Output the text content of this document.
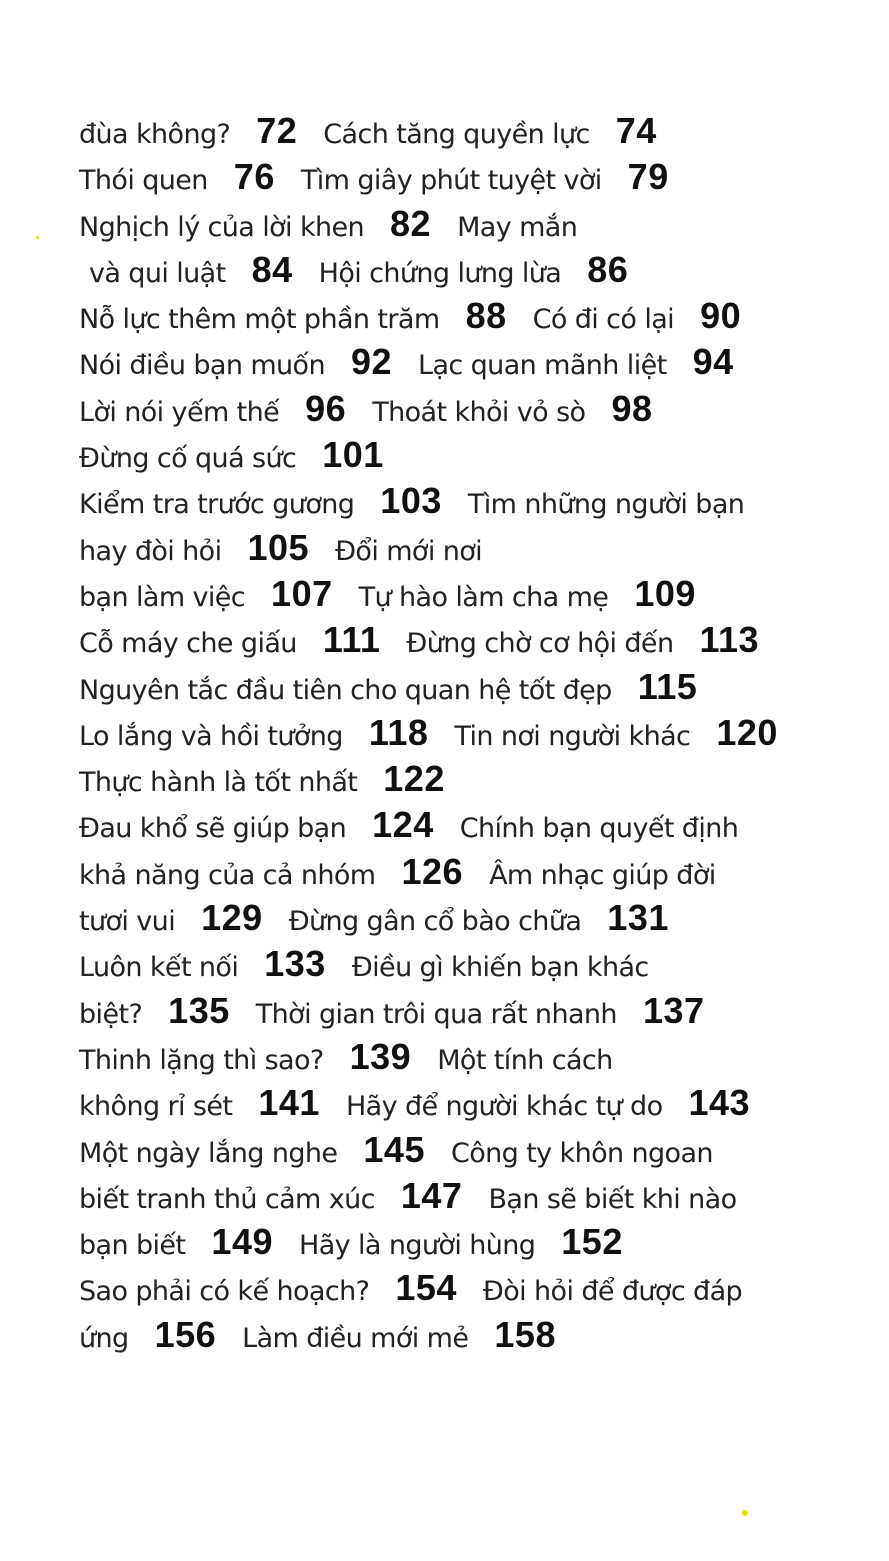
đùa không? 72 Cách tăng quyền lực 74
Thói quen 76 Tìm giây phút tuyệt vời 79
Nghịch lý của lời khen 82 May mắn
và qui luật 84 Hội chứng lưng lừa 86
Nỗ lực thêm một phần trăm 88 Có đi có lại 90
Nói điều bạn muốn 92 Lạc quan mãnh liệt 94
Lời nói yếm thế 96 Thoát khỏi vỏ sò 98
Đừng cố quá sức 101
Kiểm tra trước gương 103 Tìm những người bạn
hay đòi hỏi 105 Đổi mới nơi
bạn làm việc 107 Tự hào làm cha mẹ 109
Cỗ máy che giấu 111 Đừng chờ cơ hội đến 113
Nguyên tắc đầu tiên cho quan hệ tốt đẹp 115
Lo lắng và hồi tưởng 118 Tin nơi người khác 120
Thực hành là tốt nhất 122
Đau khổ sẽ giúp bạn 124 Chính bạn quyết định
khả năng của cả nhóm 126 Âm nhạc giúp đời
tươi vui 129 Đừng gân cổ bào chữa 131
Luôn kết nối 133 Điều gì khiến bạn khác
biệt? 135 Thời gian trôi qua rất nhanh 137
Thinh lặng thì sao? 139 Một tính cách
không rỉ sét 141 Hãy để người khác tự do 143
Một ngày lắng nghe 145 Công ty khôn ngoan
biết tranh thủ cảm xúc 147 Bạn sẽ biết khi nào
bạn biết 149 Hãy là người hùng 152
Sao phải có kế hoạch? 154 Đòi hỏi để được đáp
ứng 156 Làm điều mới mẻ 158
